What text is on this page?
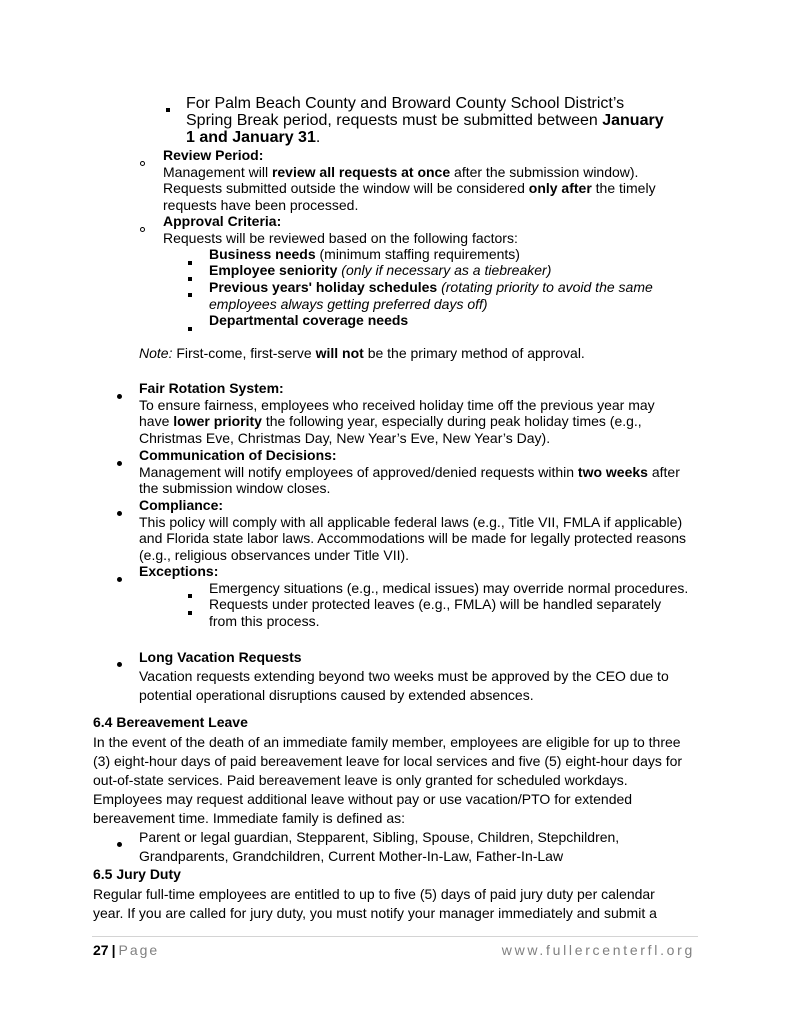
For Palm Beach County and Broward County School District’s Spring Break period, requests must be submitted between January 1 and January 31.

Review Period:
Management will review all requests at once after the submission window).
Requests submitted outside the window will be considered only after the timely
requests have been processed.
Approval Criteria:
Requests will be reviewed based on the following factors:
Business needs (minimum staffing requirements)
Employee seniority (only if necessary as a tiebreaker)
Previous years' holiday schedules (rotating priority to avoid the same
employees always getting preferred days off)
Departmental coverage needs
Note: First-come, first-serve will not be the primary method of approval.
Fair Rotation System:
To ensure fairness, employees who received holiday time off the previous year may
have lower priority the following year, especially during peak holiday times (e.g.,
Christmas Eve, Christmas Day, New Year’s Eve, New Year’s Day).
Communication of Decisions:
Management will notify employees of approved/denied requests within two weeks after
the submission window closes.
Compliance:
This policy will comply with all applicable federal laws (e.g., Title VII, FMLA if applicable)
and Florida state labor laws. Accommodations will be made for legally protected reasons
(e.g., religious observances under Title VII).
Exceptions:
Emergency situations (e.g., medical issues) may override normal procedures.
Requests under protected leaves (e.g., FMLA) will be handled separately
from this process.
Long Vacation Requests
Vacation requests extending beyond two weeks must be approved by the CEO due to
potential operational disruptions caused by extended absences.
6.4 Bereavement Leave
In the event of the death of an immediate family member, employees are eligible for up to three
(3) eight-hour days of paid bereavement leave for local services and five (5) eight-hour days for
out-of-state services. Paid bereavement leave is only granted for scheduled workdays.
Employees may request additional leave without pay or use vacation/PTO for extended
bereavement time. Immediate family is defined as:
Parent or legal guardian, Stepparent, Sibling, Spouse, Children, Stepchildren,
Grandparents, Grandchildren, Current Mother-In-Law, Father-In-Law
6.5 Jury Duty
Regular full-time employees are entitled to up to five (5) days of paid jury duty per calendar
year. If you are called for jury duty, you must notify your manager immediately and submit a
27 | Page	www.fullercenterfl.org
